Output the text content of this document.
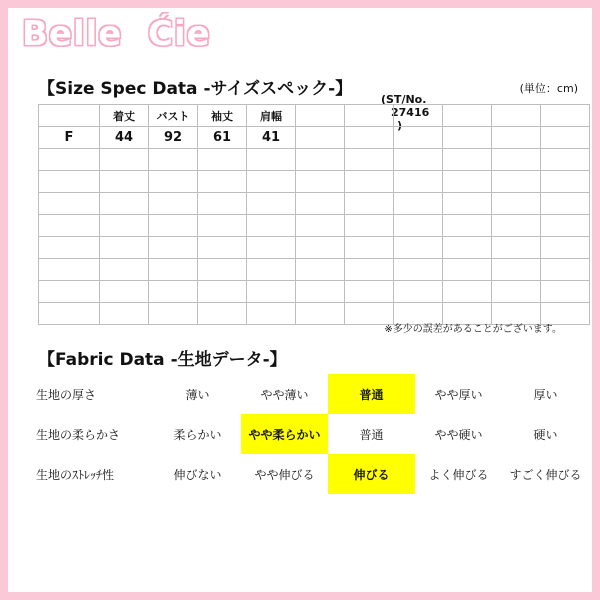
Belle  Ćie
【Size Spec Data -サイズスペック-】

(ST/No.
27416
)

(単位：cm)
	着丈	バスト	袖丈	肩幅						
F	44	92	61	41						

※多少の誤差があることがございます。
【Fabric Data -生地データ-】
生地の厚さ	薄い	やや薄い	普通	やや厚い	厚い
生地の柔らかさ	柔らかい	やや柔らかい	普通	やや硬い	硬い
生地のｽﾄﾚｯﾁ性	伸びない	やや伸びる	伸びる	よく伸びる	すごく伸びる
